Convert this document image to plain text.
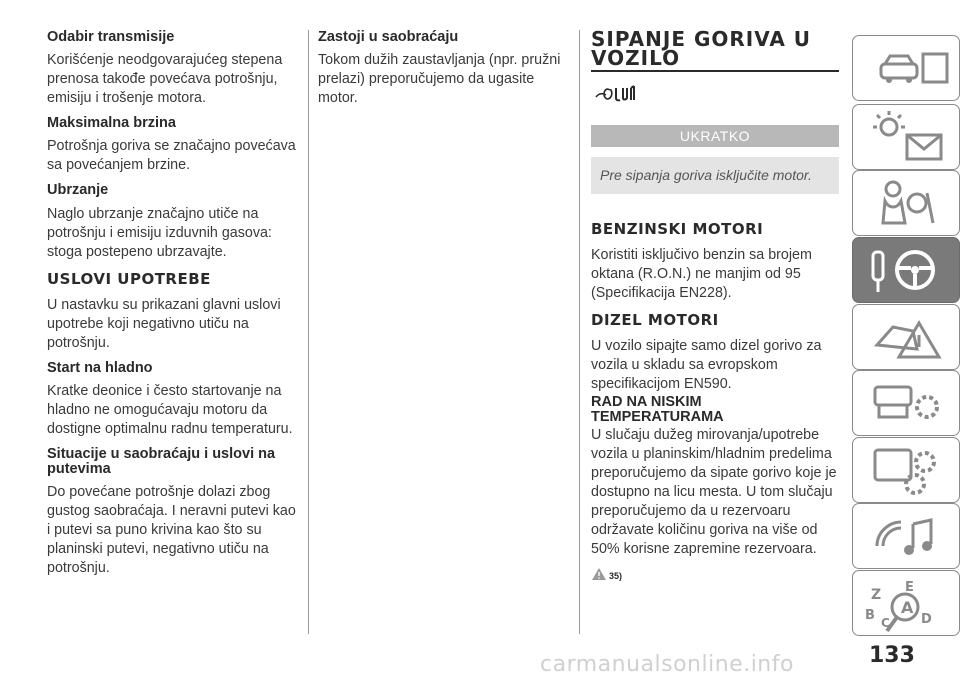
Odabir transmisije

Korišćenje neodgovarajućeg stepena prenosa takođe povećava potrošnju, emisiju i trošenje motora.

Maksimalna brzina

Potrošnja goriva se značajno povećava sa povećanjem brzine.

Ubrzanje

Naglo ubrzanje značajno utiče na potrošnju i emisiju izduvnih gasova: stoga postepeno ubrzavajte.

USLOVI UPOTREBE

U nastavku su prikazani glavni uslovi upotrebe koji negativno utiču na potrošnju.

Start na hladno

Kratke deonice i često startovanje na hladno ne omogućavaju motoru da dostigne optimalnu radnu temperaturu.

Situacije u saobraćaju i uslovi na putevima

Do povećane potrošnje dolazi zbog gustog saobraćaja. I neravni putevi kao i putevi sa puno krivina kao što su planinski putevi, negativno utiču na potrošnju.

Zastoji u saobraćaju

Tokom dužih zaustavljanja (npr. pružni prelazi) preporučujemo da ugasite motor.

SIPANJE GORIVA U
VOZILO
UKRATKO
Pre sipanja goriva isključite motor.
BENZINSKI MOTORI

Koristiti isključivo benzin sa brojem oktana (R.O.N.) ne manjim od 95 (Specifikacija EN228).

DIZEL MOTORI

U vozilo sipajte samo dizel gorivo za vozila u skladu sa evropskom specifikacijom EN590.

RAD NA NISKIM
TEMPERATURAMA

U slučaju dužeg mirovanja/upotrebe vozila u planinskim/hladnim predelima preporučujemo da sipate gorivo koje je dostupno na licu mesta. U tom slučaju preporučujemo da u rezervoaru održavate količinu goriva na više od 50% korisne zapremine rezervoara.

35)
Z E
B A
C D
133
carmanualsonline.info
